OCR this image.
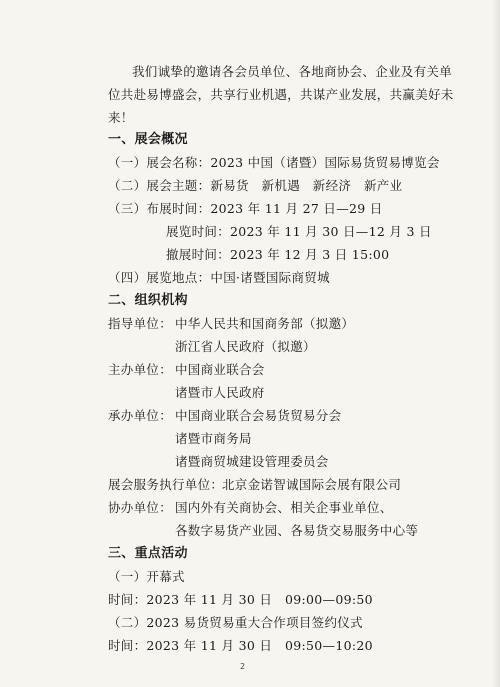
我们诚挚的邀请各会员单位、各地商协会、企业及有关单
位共赴易博盛会，共享行业机遇，共谋产业发展，共赢美好未
来！
一、展会概况
（一）展会名称：2023 中国（诸暨）国际易货贸易博览会
（二）展会主题：新易货　新机遇　新经济　新产业
（三）布展时间：2023 年 11 月 27 日—29 日
展览时间：2023 年 11 月 30 日—12 月 3 日
撤展时间：2023 年 12 月 3 日 15:00
（四）展览地点：中国·诸暨国际商贸城
二、组织机构
指导单位： 中华人民共和国商务部（拟邀）
浙江省人民政府（拟邀）
主办单位： 中国商业联合会
诸暨市人民政府
承办单位： 中国商业联合会易货贸易分会
诸暨市商务局
诸暨商贸城建设管理委员会
展会服务执行单位：
北京金诺智诚国际会展有限公司
协办单位： 国内外有关商协会、相关企事业单位、
各数字易货产业园、各易货交易服务中心等
三、重点活动
（一）开幕式
时间：2023 年 11 月 30 日　09:00—09:50
（二）2023 易货贸易重大合作项目签约仪式
时间：2023 年 11 月 30 日　09:50—10:20
2
